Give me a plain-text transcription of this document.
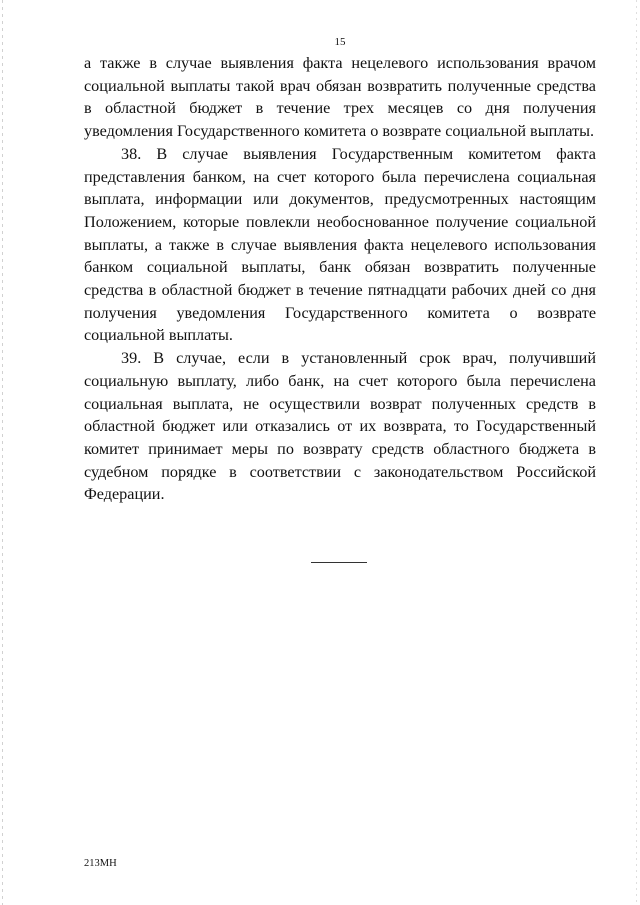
15

а также в случае выявления факта нецелевого использования врачом социальной выплаты такой врач обязан возвратить полученные средства в областной бюджет в течение трех месяцев со дня получения уведомления Государственного комитета о возврате социальной выплаты.

38. В случае выявления Государственным комитетом факта представления банком, на счет которого была перечислена социальная выплата, информации или документов, предусмотренных настоящим Положением, которые повлекли необоснованное получение социальной выплаты, а также в случае выявления факта нецелевого использования банком социальной выплаты, банк обязан возвратить полученные средства в областной бюджет в течение пятнадцати рабочих дней со дня получения уведомления Государственного комитета о возврате социальной выплаты.

39. В случае, если в установленный срок врач, получивший социальную выплату, либо банк, на счет которого была перечислена социальная выплата, не осуществили возврат полученных средств в областной бюджет или отказались от их возврата, то Государственный комитет принимает меры по возврату средств областного бюджета в судебном порядке в соответствии с законодательством Российской Федерации.

213МН
